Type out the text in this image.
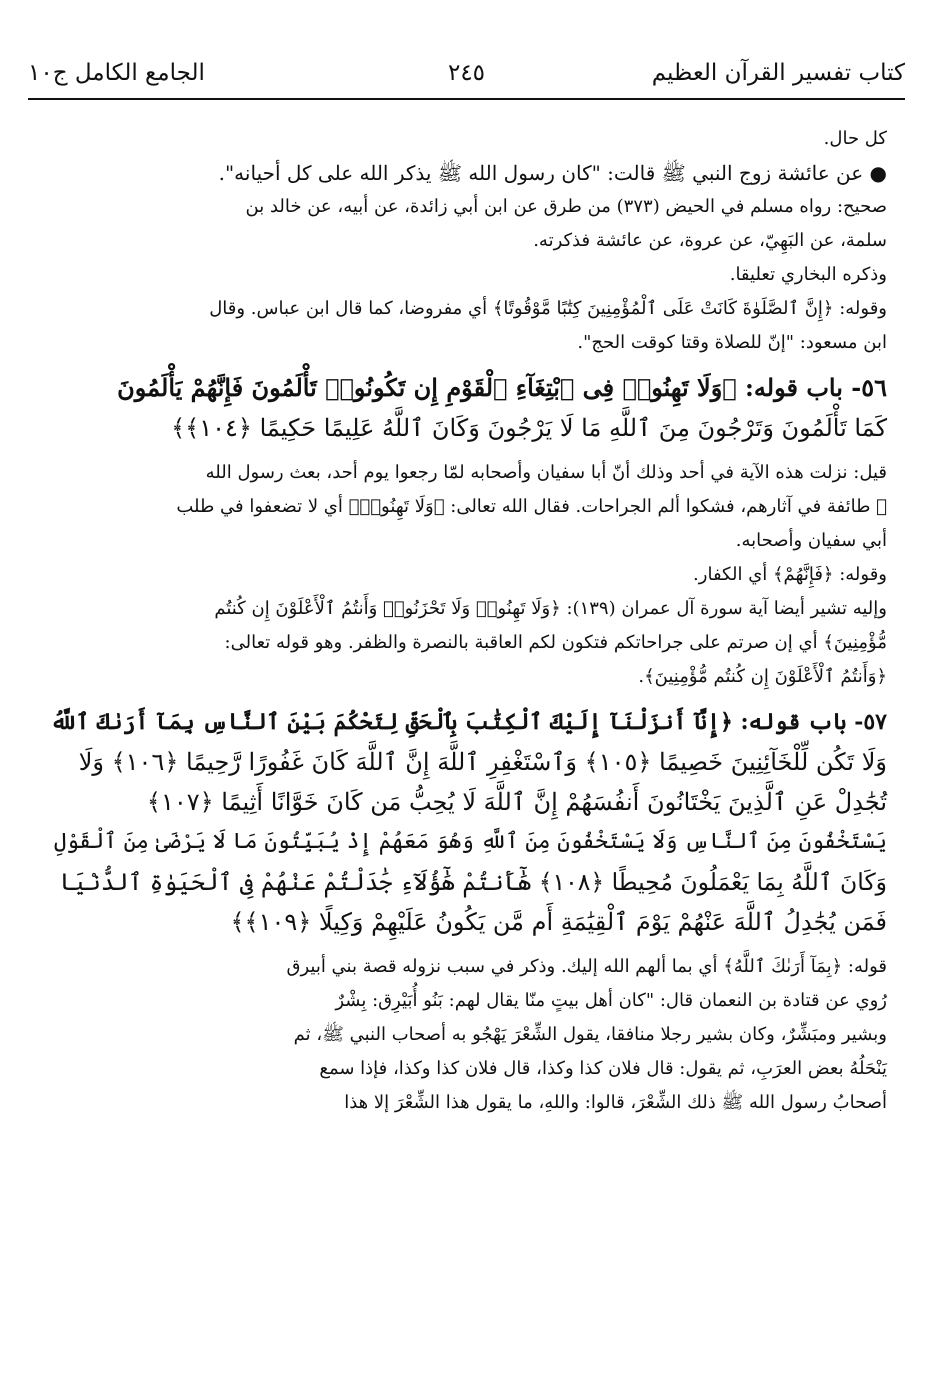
كتاب تفسير القرآن العظيم
٢٤٥
الجامع الكامل ج١٠
كل حال.
● عن عائشة زوج النبي ﷺ قالت: "كان رسول الله ﷺ يذكر الله على كل أحيانه".
صحيح: رواه مسلم في الحيض (٣٧٣) من طرق عن ابن أبي زائدة، عن أبيه، عن خالد بن
سلمة، عن البَهِيّ، عن عروة، عن عائشة فذكرته.
وذكره البخاري تعليقا.
وقوله: ﴿إِنَّ ٱلصَّلَوٰةَ كَانَتْ عَلَى ٱلْمُؤْمِنِينَ كِتَٰبًا مَّوْقُوتًا﴾ أي مفروضا، كما قال ابن عباس. وقال
ابن مسعود: "إنّ للصلاة وقتا كوقت الحج".
٥٦- باب قوله: ﴿وَلَا تَهِنُوا۟ فِى ٱبْتِغَآءِ ٱلْقَوْمِ إِن تَكُونُوا۟ تَأْلَمُونَ فَإِنَّهُمْ يَأْلَمُونَ
كَمَا تَأْلَمُونَ وَتَرْجُونَ مِنَ ٱللَّهِ مَا لَا يَرْجُونَ وَكَانَ ٱللَّهُ عَلِيمًا حَكِيمًا ﴿١٠٤﴾﴾
قيل: نزلت هذه الآية في أحد وذلك أنّ أبا سفيان وأصحابه لمّا رجعوا يوم أحد، بعث رسول الله
ﷺ طائفة في آثارهم، فشكوا ألم الجراحات. فقال الله تعالى: ﴿وَلَا تَهِنُوا۟﴾ أي لا تضعفوا في طلب
أبي سفيان وأصحابه.
وقوله: ﴿فَإِنَّهُمْ﴾ أي الكفار.
وإليه تشير أيضا آية سورة آل عمران (١٣٩): ﴿وَلَا تَهِنُوا۟ وَلَا تَحْزَنُوا۟ وَأَنتُمُ ٱلْأَعْلَوْنَ إِن كُنتُم
مُّؤْمِنِينَ﴾ أي إن صرتم على جراحاتكم فتكون لكم العاقبة بالنصرة والظفر. وهو قوله تعالى:
﴿وَأَنتُمُ ٱلْأَعْلَوْنَ إِن كُنتُم مُّؤْمِنِينَ﴾.
٥٧- باب قوله: ﴿إِنَّآ أَنزَلْنَآ إِلَيْكَ ٱلْكِتَٰبَ بِٱلْحَقِّ لِتَحْكُمَ بَيْنَ ٱلنَّاسِ بِمَآ أَرَىٰكَ ٱللَّهُ
وَلَا تَكُن لِّلْخَآئِنِينَ خَصِيمًا ﴿١٠٥﴾ وَٱسْتَغْفِرِ ٱللَّهَ إِنَّ ٱللَّهَ كَانَ غَفُورًا رَّحِيمًا ﴿١٠٦﴾ وَلَا
تُجَٰدِلْ عَنِ ٱلَّذِينَ يَخْتَانُونَ أَنفُسَهُمْ إِنَّ ٱللَّهَ لَا يُحِبُّ مَن كَانَ خَوَّانًا أَثِيمًا ﴿١٠٧﴾
يَسْتَخْفُونَ مِنَ ٱلنَّاسِ وَلَا يَسْتَخْفُونَ مِنَ ٱللَّهِ وَهُوَ مَعَهُمْ إِذْ يُبَيِّتُونَ مَا لَا يَرْضَىٰ مِنَ ٱلْقَوْلِ
وَكَانَ ٱللَّهُ بِمَا يَعْمَلُونَ مُحِيطًا ﴿١٠٨﴾ هَٰٓأَنتُمْ هَٰٓؤُلَآءِ جَٰدَلْتُمْ عَنْهُمْ فِى ٱلْحَيَوٰةِ ٱلدُّنْيَا
فَمَن يُجَٰدِلُ ٱللَّهَ عَنْهُمْ يَوْمَ ٱلْقِيَٰمَةِ أَم مَّن يَكُونُ عَلَيْهِمْ وَكِيلًا ﴿١٠٩﴾﴾
قوله: ﴿بِمَآ أَرَىٰكَ ٱللَّهُ﴾ أي بما ألهم الله إليك. وذكر في سبب نزوله قصة بني أبيرق
رُوي عن قتادة بن النعمان قال: "كان أهل بيتٍ منّا يقال لهم: بَنُو أُبَيْرِق: بِشْرٌ
وبشير ومبَشِّرٌ، وكان بشير رجلا منافقا، يقول الشِّعْرَ يَهْجُو به أصحاب النبي ﷺ، ثم
يَنْحَلُهُ بعض العرَبِ، ثم يقول: قال فلان كذا وكذا، قال فلان كذا وكذا، فإذا سمع
أصحابُ رسول الله ﷺ ذلك الشِّعْرَ، قالوا: واللهِ، ما يقول هذا الشِّعْرَ إلا هذا
